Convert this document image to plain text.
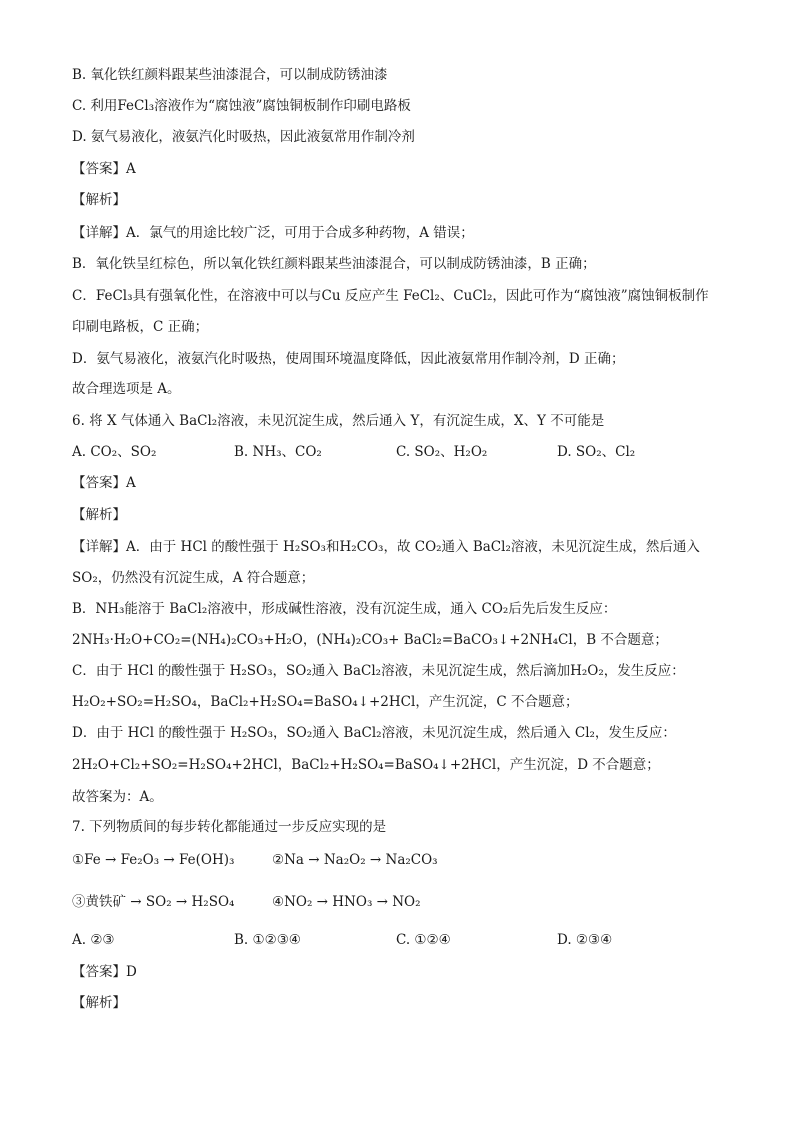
B. 氧化铁红颜料跟某些油漆混合，可以制成防锈油漆
C. 利用FeCl₃溶液作为“腐蚀液”腐蚀铜板制作印刷电路板
D. 氨气易液化，液氨汽化时吸热，因此液氨常用作制冷剂
【答案】A
【解析】
【详解】A．氯气的用途比较广泛，可用于合成多种药物，A 错误；
B．氧化铁呈红棕色，所以氧化铁红颜料跟某些油漆混合，可以制成防锈油漆，B 正确；
C．FeCl₃具有强氧化性，在溶液中可以与Cu 反应产生 FeCl₂、CuCl₂，因此可作为“腐蚀液”腐蚀铜板制作
印刷电路板，C 正确；
D．氨气易液化，液氨汽化时吸热，使周围环境温度降低，因此液氨常用作制冷剂，D 正确；
故合理选项是 A。
6. 将 X 气体通入 BaCl₂溶液，未见沉淀生成，然后通入 Y，有沉淀生成，X、Y 不可能是
A. CO₂、SO₂	B. NH₃、CO₂	C. SO₂、H₂O₂	D. SO₂、Cl₂
【答案】A
【解析】
【详解】A．由于 HCl 的酸性强于 H₂SO₃和H₂CO₃，故 CO₂通入 BaCl₂溶液，未见沉淀生成，然后通入
SO₂，仍然没有沉淀生成，A 符合题意；
B．NH₃能溶于 BaCl₂溶液中，形成碱性溶液，没有沉淀生成，通入 CO₂后先后发生反应：
2NH₃·H₂O+CO₂=(NH₄)₂CO₃+H₂O，(NH₄)₂CO₃+ BaCl₂=BaCO₃↓+2NH₄Cl，B 不合题意；
C．由于 HCl 的酸性强于 H₂SO₃，SO₂通入 BaCl₂溶液，未见沉淀生成，然后滴加H₂O₂，发生反应：
H₂O₂+SO₂=H₂SO₄，BaCl₂+H₂SO₄=BaSO₄↓+2HCl，产生沉淀，C 不合题意；
D．由于 HCl 的酸性强于 H₂SO₃，SO₂通入 BaCl₂溶液，未见沉淀生成，然后通入 Cl₂，发生反应：
2H₂O+Cl₂+SO₂=H₂SO₄+2HCl，BaCl₂+H₂SO₄=BaSO₄↓+2HCl，产生沉淀，D 不合题意；
故答案为：A。
7. 下列物质间的每步转化都能通过一步反应实现的是
①Fe → Fe₂O₃ → Fe(OH)₃	②Na → Na₂O₂ → Na₂CO₃
③黄铁矿 → SO₂ → H₂SO₄	④NO₂ → HNO₃ → NO₂
A. ②③	B. ①②③④	C. ①②④	D. ②③④
【答案】D
【解析】
